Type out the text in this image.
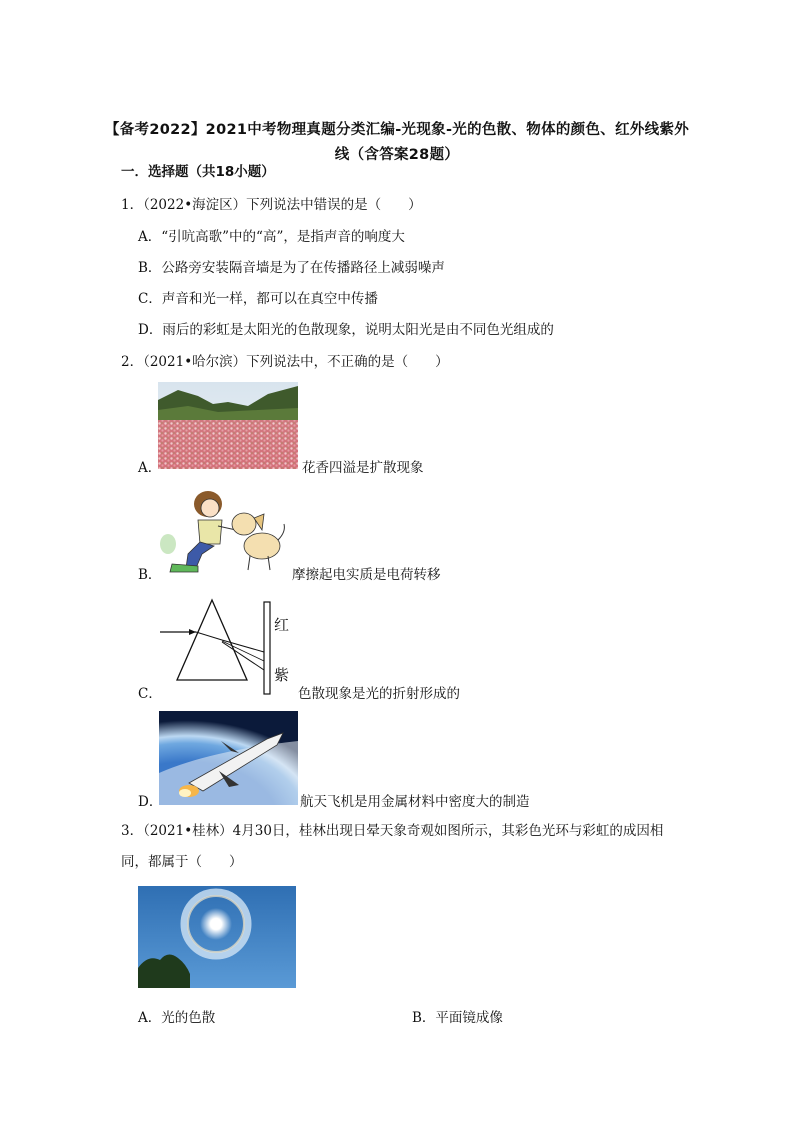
【备考2022】2021中考物理真题分类汇编-光现象-光的色散、物体的颜色、红外线紫外线（含答案28题）
一．选择题（共18小题）
1．（2022•海淀区）下列说法中错误的是（　　）
A．“引吭高歌”中的“高”，是指声音的响度大
B．公路旁安装隔音墙是为了在传播路径上减弱噪声
C．声音和光一样，都可以在真空中传播
D．雨后的彩虹是太阳光的色散现象，说明太阳光是由不同色光组成的
2．（2021•哈尔滨）下列说法中，不正确的是（　　）
A．	花香四溢是扩散现象
B．	摩擦起电实质是电荷转移
红
紫
C．	色散现象是光的折射形成的
D．	航天飞机是用金属材料中密度大的制造
3．（2021•桂林）4月30日，桂林出现日晕天象奇观如图所示，其彩色光环与彩虹的成因相
同，都属于（　　）
A．光的色散	B．平面镜成像
